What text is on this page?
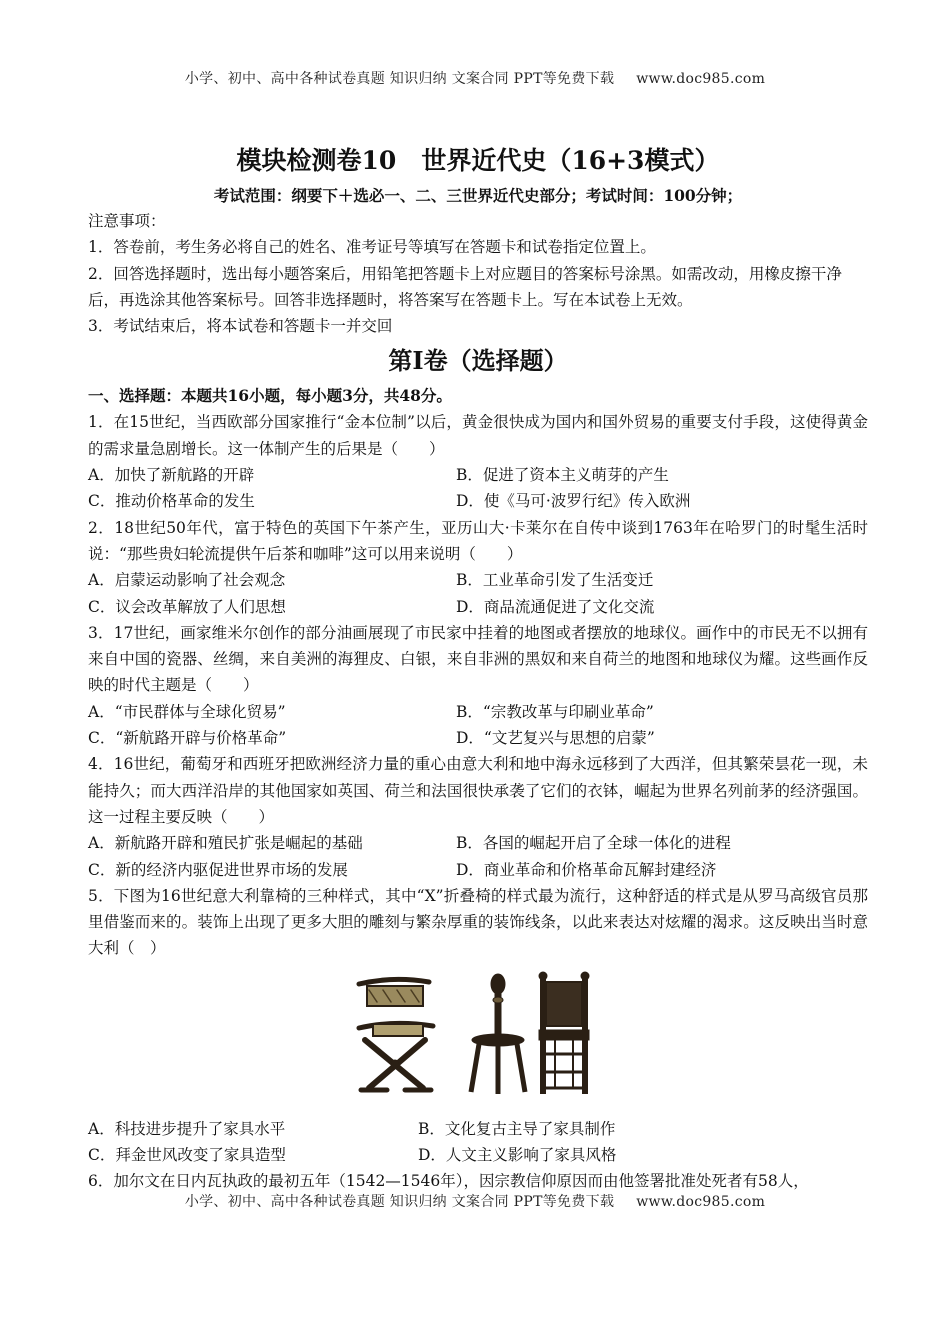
小学、初中、高中各种试卷真题 知识归纳 文案合同 PPT等免费下载 www.doc985.com
模块检测卷10　世界近代史（16+3模式）
考试范围：纲要下＋选必一、二、三世界近代史部分；考试时间：100分钟；

注意事项：

1．答卷前，考生务必将自己的姓名、准考证号等填写在答题卡和试卷指定位置上。

2．回答选择题时，选出每小题答案后，用铅笔把答题卡上对应题目的答案标号涂黑。如需改动，用橡皮擦干净后，再选涂其他答案标号。回答非选择题时，将答案写在答题卡上。写在本试卷上无效。

3．考试结束后，将本试卷和答题卡一并交回

第I卷（选择题）

一、选择题：本题共16小题，每小题3分，共48分。

1．在15世纪，当西欧部分国家推行“金本位制”以后，黄金很快成为国内和国外贸易的重要支付手段，这使得黄金的需求量急剧增长。这一体制产生的后果是（　　）

A．加快了新航路的开辟	B．促进了资本主义萌芽的产生
C．推动价格革命的发生	D．使《马可·波罗行纪》传入欧洲

2．18世纪50年代，富于特色的英国下午茶产生，亚历山大·卡莱尔在自传中谈到1763年在哈罗门的时髦生活时说：“那些贵妇轮流提供午后茶和咖啡”这可以用来说明（　　）

A．启蒙运动影响了社会观念	B．工业革命引发了生活变迁
C．议会改革解放了人们思想	D．商品流通促进了文化交流

3．17世纪，画家维米尔创作的部分油画展现了市民家中挂着的地图或者摆放的地球仪。画作中的市民无不以拥有来自中国的瓷器、丝绸，来自美洲的海狸皮、白银，来自非洲的黑奴和来自荷兰的地图和地球仪为耀。这些画作反映的时代主题是（　　）

A．“市民群体与全球化贸易”	B．“宗教改革与印刷业革命”
C．“新航路开辟与价格革命”	D．“文艺复兴与思想的启蒙”

4．16世纪，葡萄牙和西班牙把欧洲经济力量的重心由意大利和地中海永远移到了大西洋，但其繁荣昙花一现，未能持久；而大西洋沿岸的其他国家如英国、荷兰和法国很快承袭了它们的衣钵，崛起为世界名列前茅的经济强国。这一过程主要反映（　　）

A．新航路开辟和殖民扩张是崛起的基础	B．各国的崛起开启了全球一体化的进程
C．新的经济内驱促进世界市场的发展	D．商业革命和价格革命瓦解封建经济

5．下图为16世纪意大利靠椅的三种样式，其中“X”折叠椅的样式最为流行，这种舒适的样式是从罗马高级官员那里借鉴而来的。装饰上出现了更多大胆的雕刻与繁杂厚重的装饰线条，以此来表达对炫耀的渴求。这反映出当时意大利（　）

A．科技进步提升了家具水平	B．文化复古主导了家具制作
C．拜金世风改变了家具造型	D．人文主义影响了家具风格

6．加尔文在日内瓦执政的最初五年（1542—1546年），因宗教信仰原因而由他签署批准处死者有58人，

小学、初中、高中各种试卷真题 知识归纳 文案合同 PPT等免费下载 www.doc985.com
